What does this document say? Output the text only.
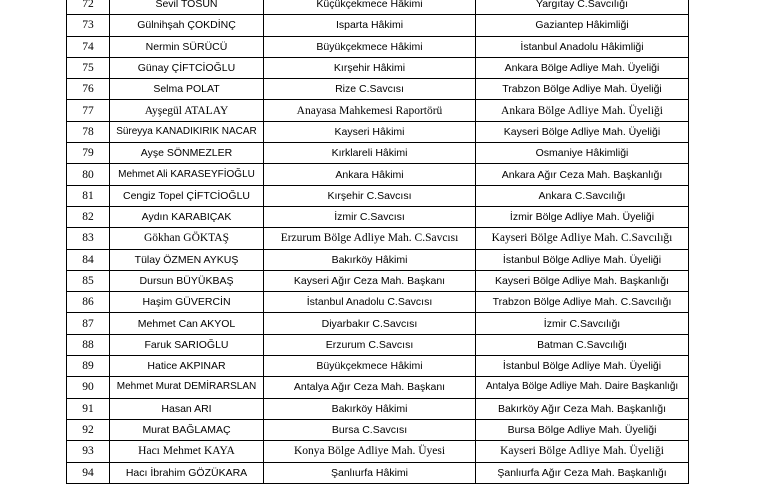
72	Sevil TOSUN	Küçükçekmece Hâkimi	Yargıtay C.Savcılığı
73	Gülnihşah ÇOKDİNÇ	Isparta Hâkimi	Gaziantep Hâkimliği
74	Nermin SÜRÜCÜ	Büyükçekmece Hâkimi	İstanbul Anadolu Hâkimliği
75	Günay ÇİFTCİOĞLU	Kırşehir Hâkimi	Ankara Bölge Adliye Mah. Üyeliği
76	Selma POLAT	Rize C.Savcısı	Trabzon Bölge Adliye Mah. Üyeliği
77	Ayşegül ATALAY	Anayasa Mahkemesi Raportörü	Ankara Bölge Adliye Mah. Üyeliği
78	Süreyya KANADIKIRIK NACAR	Kayseri Hâkimi	Kayseri Bölge Adliye Mah. Üyeliği
79	Ayşe SÖNMEZLER	Kırklareli Hâkimi	Osmaniye Hâkimliği
80	Mehmet Ali KARASEYFİOĞLU	Ankara Hâkimi	Ankara Ağır Ceza Mah. Başkanlığı
81	Cengiz Topel ÇİFTCİOĞLU	Kırşehir C.Savcısı	Ankara C.Savcılığı
82	Aydın KARABIÇAK	İzmir C.Savcısı	İzmir Bölge Adliye Mah. Üyeliği
83	Gökhan GÖKTAŞ	Erzurum Bölge Adliye Mah. C.Savcısı	Kayseri Bölge Adliye Mah. C.Savcılığı
84	Tülay ÖZMEN AYKUŞ	Bakırköy Hâkimi	İstanbul Bölge Adliye Mah. Üyeliği
85	Dursun BÜYÜKBAŞ	Kayseri Ağır Ceza Mah. Başkanı	Kayseri Bölge Adliye Mah. Başkanlığı
86	Haşim GÜVERCİN	İstanbul Anadolu C.Savcısı	Trabzon Bölge Adliye Mah. C.Savcılığı
87	Mehmet Can AKYOL	Diyarbakır C.Savcısı	İzmir C.Savcılığı
88	Faruk SARIOĞLU	Erzurum C.Savcısı	Batman C.Savcılığı
89	Hatice AKPINAR	Büyükçekmece Hâkimi	İstanbul Bölge Adliye Mah. Üyeliği
90	Mehmet Murat DEMİRARSLAN	Antalya Ağır Ceza Mah. Başkanı	Antalya Bölge Adliye Mah. Daire Başkanlığı
91	Hasan ARI	Bakırköy Hâkimi	Bakırköy Ağır Ceza Mah. Başkanlığı
92	Murat BAĞLAMAÇ	Bursa C.Savcısı	Bursa Bölge Adliye Mah. Üyeliği
93	Hacı Mehmet KAYA	Konya Bölge Adliye Mah. Üyesi	Kayseri Bölge Adliye Mah. Üyeliği
94	Hacı İbrahim GÖZÜKARA	Şanlıurfa Hâkimi	Şanlıurfa Ağır Ceza Mah. Başkanlığı
